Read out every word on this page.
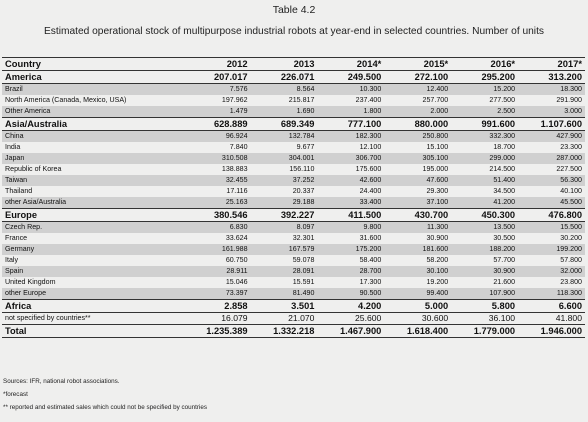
Table 4.2
Estimated operational stock of multipurpose industrial robots at year-end in selected countries. Number of units
Country	2012	2013	2014*	2015*	2016*	2017*
America	207.017	226.071	249.500	272.100	295.200	313.200
Brazil	7.576	8.564	10.300	12.400	15.200	18.300
North America (Canada, Mexico, USA)	197.962	215.817	237.400	257.700	277.500	291.900
Other America	1.479	1.690	1.800	2.000	2.500	3.000
Asia/Australia	628.889	689.349	777.100	880.000	991.600	1.107.600
China	96.924	132.784	182.300	250.800	332.300	427.900
India	7.840	9.677	12.100	15.100	18.700	23.300
Japan	310.508	304.001	306.700	305.100	299.000	287.000
Republic of Korea	138.883	156.110	175.600	195.000	214.500	227.500
Taiwan	32.455	37.252	42.600	47.600	51.400	56.300
Thailand	17.116	20.337	24.400	29.300	34.500	40.100
other Asia/Australia	25.163	29.188	33.400	37.100	41.200	45.500
Europe	380.546	392.227	411.500	430.700	450.300	476.800
Czech Rep.	6.830	8.097	9.800	11.300	13.500	15.500
France	33.624	32.301	31.600	30.900	30.500	30.200
Germany	161.988	167.579	175.200	181.600	188.200	199.200
Italy	60.750	59.078	58.400	58.200	57.700	57.800
Spain	28.911	28.091	28.700	30.100	30.900	32.000
United Kingdom	15.046	15.591	17.300	19.200	21.600	23.800
other Europe	73.397	81.490	90.500	99.400	107.900	118.300
Africa	2.858	3.501	4.200	5.000	5.800	6.600
not specified by countries**	16.079	21.070	25.600	30.600	36.100	41.800
Total	1.235.389	1.332.218	1.467.900	1.618.400	1.779.000	1.946.000
Sources: IFR, national robot associations.
*forecast
** reported and estimated sales which could not be specified by countries
